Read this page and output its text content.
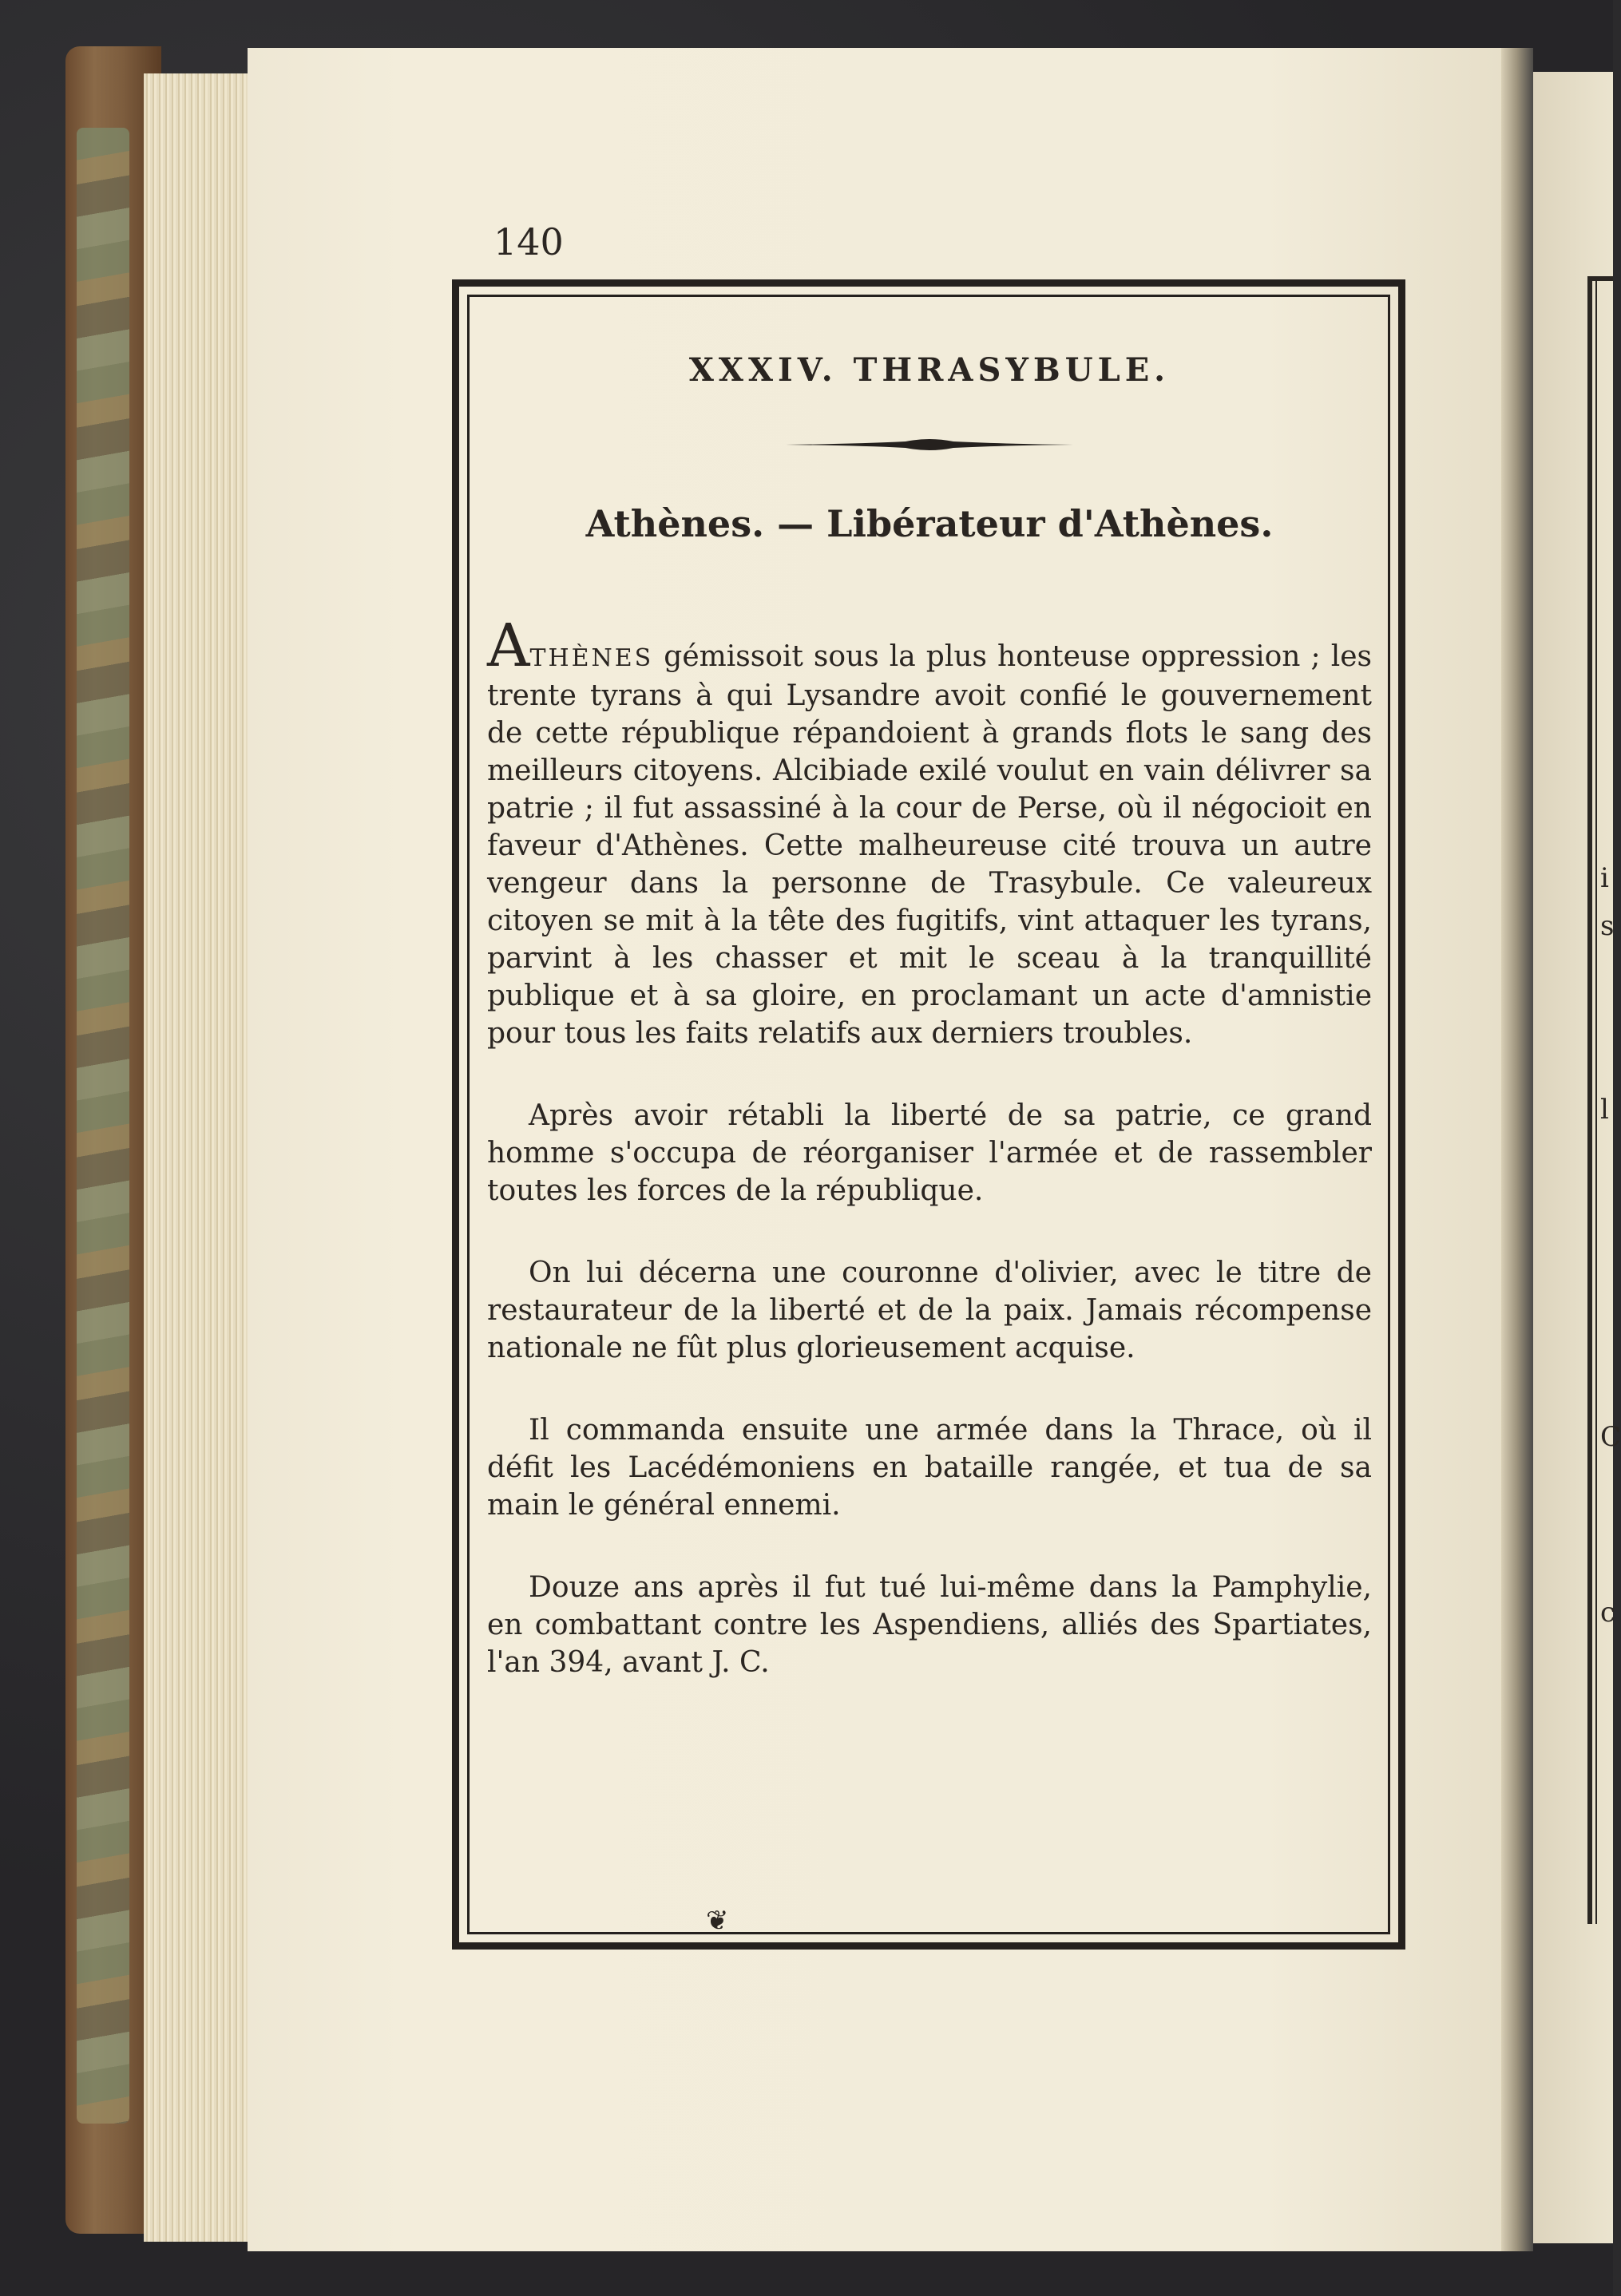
i
s
l
C
c
140
XXXIV. THRASYBULE.
Athènes. — Libérateur d'Athènes.

ATHÈNES gémissoit sous la plus honteuse oppression ; les trente tyrans à qui Lysandre avoit confié le gouvernement de cette république répandoient à grands flots le sang des meilleurs citoyens. Alcibiade exilé voulut en vain délivrer sa patrie ; il fut assassiné à la cour de Perse, où il négocioit en faveur d'Athènes. Cette malheureuse cité trouva un autre vengeur dans la personne de Trasybule. Ce valeureux citoyen se mit à la tête des fugitifs, vint attaquer les tyrans, parvint à les chasser et mit le sceau à la tranquillité publique et à sa gloire, en proclamant un acte d'amnistie pour tous les faits relatifs aux derniers troubles.

Après avoir rétabli la liberté de sa patrie, ce grand homme s'occupa de réorganiser l'armée et de rassembler toutes les forces de la république.

On lui décerna une couronne d'olivier, avec le titre de restaurateur de la liberté et de la paix. Jamais récompense nationale ne fût plus glorieusement acquise.

Il commanda ensuite une armée dans la Thrace, où il défit les Lacédémoniens en bataille rangée, et tua de sa main le général ennemi.

Douze ans après il fut tué lui-même dans la Pamphylie, en combattant contre les Aspendiens, alliés des Spartiates, l'an 394, avant J. C.

❦
